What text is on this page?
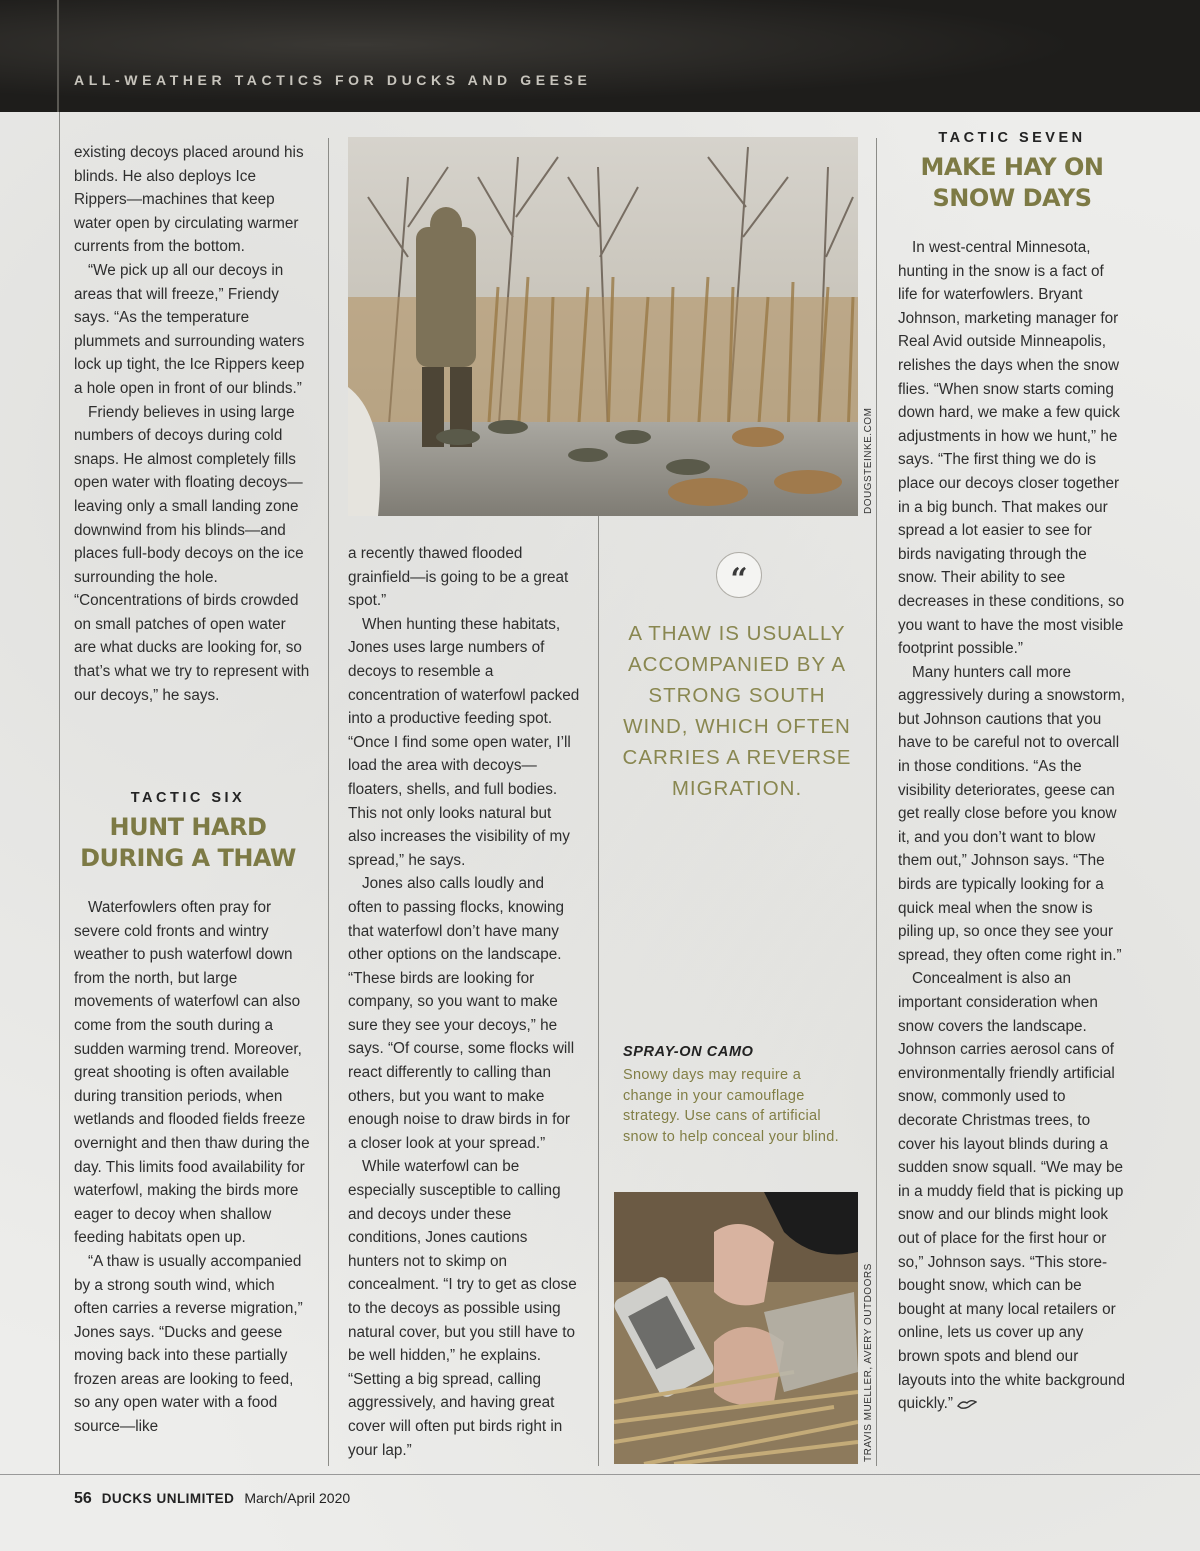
ALL-WEATHER TACTICS FOR DUCKS AND GEESE

existing decoys placed around his blinds. He also deploys Ice Rippers—machines that keep water open by circulating warmer currents from the bottom.

“We pick up all our decoys in areas that will freeze,” Friendy says. “As the temperature plummets and surrounding waters lock up tight, the Ice Rippers keep a hole open in front of our blinds.”

Friendy believes in using large numbers of decoys during cold snaps. He almost completely fills open water with floating decoys—leaving only a small landing zone downwind from his blinds—and places full-body decoys on the ice surrounding the hole. “Concentrations of birds crowded on small patches of open water are what ducks are looking for, so that’s what we try to represent with our decoys,” he says.

TACTIC SIX
HUNT HARD DURING A THAW

Waterfowlers often pray for severe cold fronts and wintry weather to push waterfowl down from the north, but large movements of waterfowl can also come from the south during a sudden warming trend. Moreover, great shooting is often available during transition periods, when wetlands and flooded fields freeze overnight and then thaw during the day. This limits food availability for waterfowl, making the birds more eager to decoy when shallow feeding habitats open up.

“A thaw is usually accompanied by a strong south wind, which often carries a reverse migration,” Jones says. “Ducks and geese moving back into these partially frozen areas are looking to feed, so any open water with a food source—like

DOUGSTEINKE.COM

a recently thawed flooded grainfield—is going to be a great spot.”

When hunting these habitats, Jones uses large numbers of decoys to resemble a concentration of waterfowl packed into a productive feeding spot. “Once I find some open water, I’ll load the area with decoys—floaters, shells, and full bodies. This not only looks natural but also increases the visibility of my spread,” he says.

Jones also calls loudly and often to passing flocks, knowing that waterfowl don’t have many other options on the landscape. “These birds are looking for company, so you want to make sure they see your decoys,” he says. “Of course, some flocks will react differently to calling than others, but you want to make enough noise to draw birds in for a closer look at your spread.”

While waterfowl can be especially susceptible to calling and decoys under these conditions, Jones cautions hunters not to skimp on concealment. “I try to get as close to the decoys as possible using natural cover, but you still have to be well hidden,” he explains. “Setting a big spread, calling aggressively, and having great cover will often put birds right in your lap.”

“
A THAW IS USUALLY ACCOMPANIED BY A STRONG SOUTH WIND, WHICH OFTEN CARRIES A REVERSE MIGRATION.
SPRAY-ON CAMO
Snowy days may require a change in your camouflage strategy. Use cans of artificial snow to help conceal your blind.
TRAVIS MUELLER, AVERY OUTDOORS
TACTIC SEVEN
MAKE HAY ON SNOW DAYS

In west-central Minnesota, hunting in the snow is a fact of life for waterfowlers. Bryant Johnson, marketing manager for Real Avid outside Minneapolis, relishes the days when the snow flies. “When snow starts coming down hard, we make a few quick adjustments in how we hunt,” he says. “The first thing we do is place our decoys closer together in a big bunch. That makes our spread a lot easier to see for birds navigating through the snow. Their ability to see decreases in these conditions, so you want to have the most visible footprint possible.”

Many hunters call more aggressively during a snowstorm, but Johnson cautions that you have to be careful not to overcall in those conditions. “As the visibility deteriorates, geese can get really close before you know it, and you don’t want to blow them out,” Johnson says. “The birds are typically looking for a quick meal when the snow is piling up, so once they see your spread, they often come right in.”

Concealment is also an important consideration when snow covers the landscape. Johnson carries aerosol cans of environmentally friendly artificial snow, commonly used to decorate Christmas trees, to cover his layout blinds during a sudden snow squall. “We may be in a muddy field that is picking up snow and our blinds might look out of place for the first hour or so,” Johnson says. “This store-bought snow, which can be bought at many local retailers or online, lets us cover up any brown spots and blend our layouts into the white background quickly.”

56 DUCKS UNLIMITED March/April 2020
